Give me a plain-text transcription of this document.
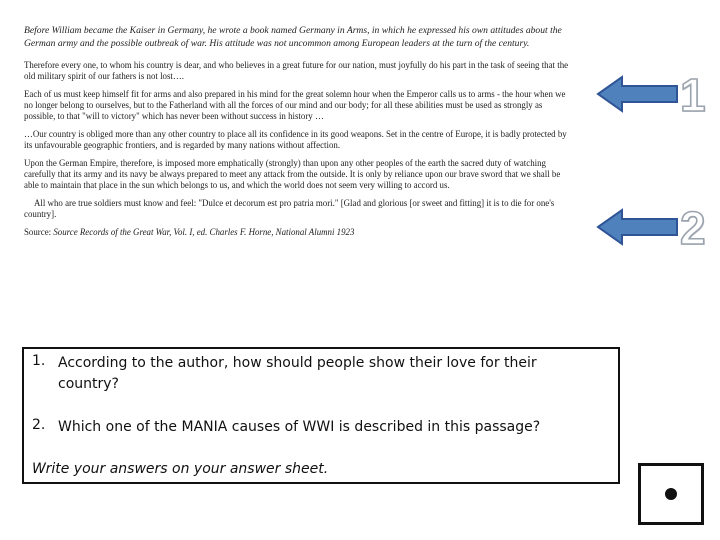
Before William became the Kaiser in Germany, he wrote a book named Germany in Arms, in which he expressed his own attitudes about the German army and the possible outbreak of war. His attitude was not uncommon among European leaders at the turn of the century.

Therefore every one, to whom his country is dear, and who believes in a great future for our nation, must joyfully do his part in the task of seeing that the old military spirit of our fathers is not lost….

Each of us must keep himself fit for arms and also prepared in his mind for the great solemn hour when the Emperor calls us to arms - the hour when we no longer belong to ourselves, but to the Fatherland with all the forces of our mind and our body; for all these abilities must be used as strongly as possible, to that "will to victory" which has never been without success in history …

…Our country is obliged more than any other country to place all its confidence in its good weapons. Set in the centre of Europe, it is badly protected by its unfavourable geographic frontiers, and is regarded by many nations without affection.

Upon the German Empire, therefore, is imposed more emphatically (strongly) than upon any other peoples of the earth the sacred duty of watching carefully that its army and its navy be always prepared to meet any attack from the outside. It is only by reliance upon our brave sword that we shall be able to maintain that place in the sun which belongs to us, and which the world does not seem very willing to accord us.

All who are true soldiers must know and feel: "Dulce et decorum est pro patria mori." [Glad and glorious [or sweet and fitting] it is to die for one's country].

Source: Source Records of the Great War, Vol. I, ed. Charles F. Horne, National Alumni 1923

1
2
1. According to the author, how should people show their love for their country?
2. Which one of the MANIA causes of WWI is described in this passage?
Write your answers on your answer sheet.
